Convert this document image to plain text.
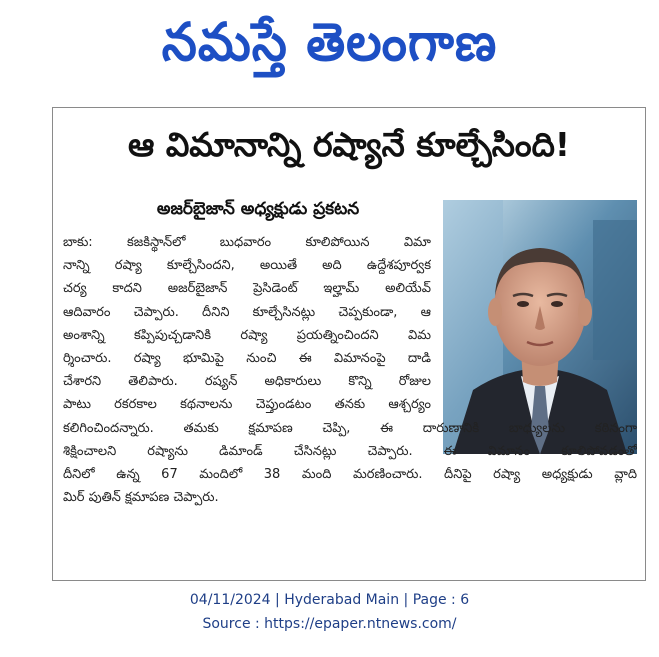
నమస్తే తెలంగాణ
ఆ విమానాన్ని రష్యానే కూల్చేసింది!
అజర్‌బైజాన్ అధ్యక్షుడు ప్రకటన
బాకు: కజకిస్థాన్‌లో బుధవారం కూలిపోయిన విమా
నాన్ని రష్యా కూల్చేసిందని, అయితే అది ఉద్దేశపూర్వక
చర్య కాదని అజర్‌బైజాన్ ప్రెసిడెంట్ ఇల్హామ్ అలియేవ్
ఆదివారం చెప్పారు. దీనిని కూల్చేసినట్లు చెప్పకుండా, ఆ
అంశాన్ని కప్పిపుచ్చడానికి రష్యా ప్రయత్నించిందని విమ
ర్శించారు. రష్యా భూమిపై నుంచి ఈ విమానంపై దాడి
చేశారని తెలిపారు. రష్యన్ అధికారులు కొన్ని రోజుల
పాటు రకరకాల కథనాలను చెప్తుండటం తనకు ఆశ్చర్యం
కలిగించిందన్నారు. తమకు క్షమాపణ చెప్పి, ఈ దారుణానికి బాధ్యులను కఠినంగా
శిక్షించాలని రష్యాను డిమాండ్ చేసినట్లు చెప్పారు. ఈ విమానం కూలిపోవడంతో
దీనిలో ఉన్న 67 మందిలో 38 మంది మరణించారు. దీనిపై రష్యా అధ్యక్షుడు వ్లాది
మిర్ పుతిన్ క్షమాపణ చెప్పారు.
04/11/2024 | Hyderabad Main | Page : 6
Source : https://epaper.ntnews.com/
